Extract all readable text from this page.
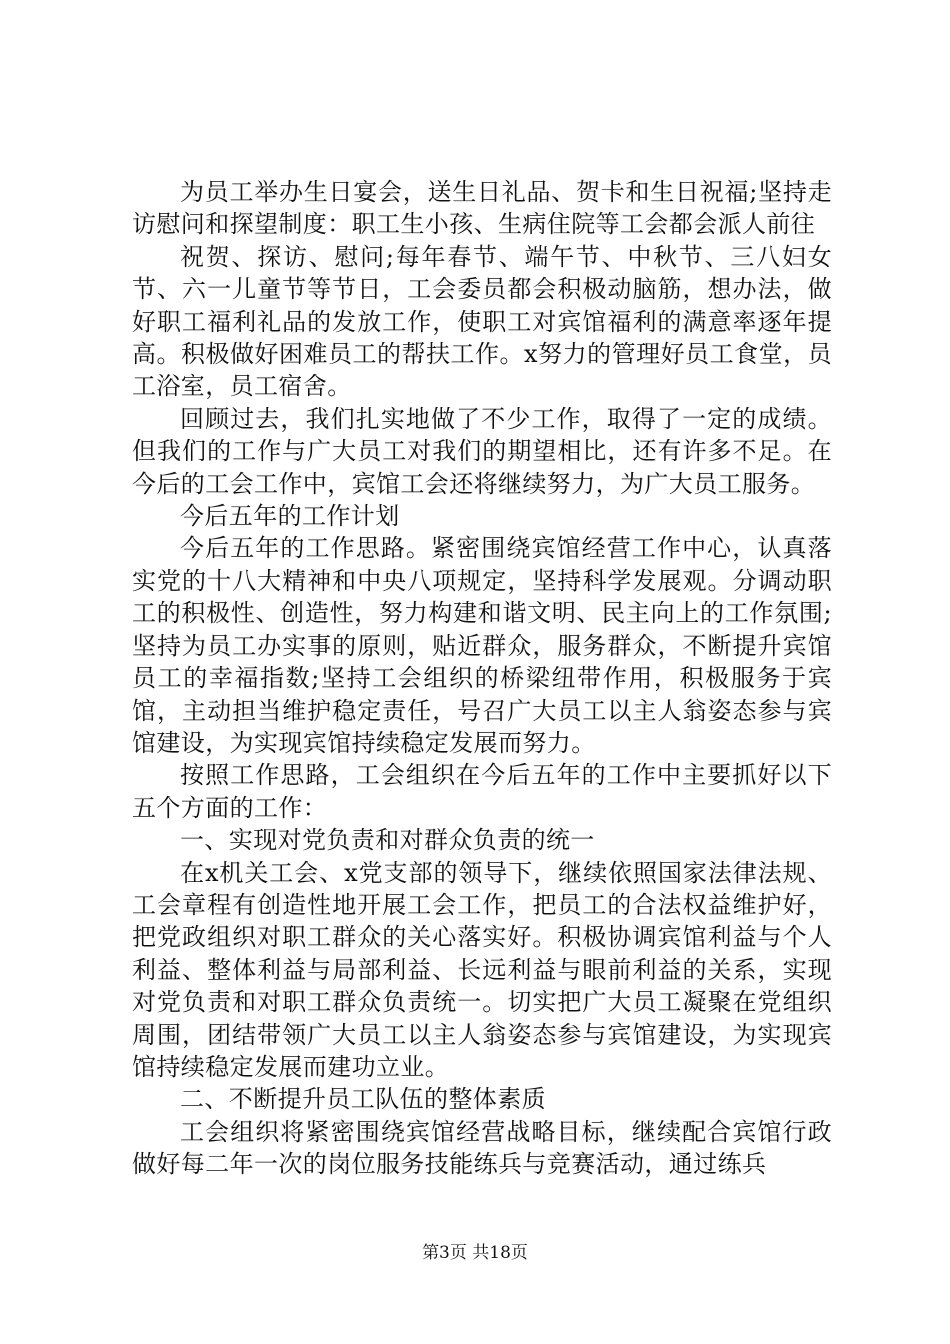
为员工举办生日宴会，送生日礼品、贺卡和生日祝福;坚持走访慰问和探望制度：职工生小孩、生病住院等工会都会派人前往

祝贺、探访、慰问;每年春节、端午节、中秋节、三八妇女节、六一儿童节等节日，工会委员都会积极动脑筋，想办法，做好职工福利礼品的发放工作，使职工对宾馆福利的满意率逐年提高。积极做好困难员工的帮扶工作。x努力的管理好员工食堂，员工浴室，员工宿舍。

回顾过去，我们扎实地做了不少工作，取得了一定的成绩。但我们的工作与广大员工对我们的期望相比，还有许多不足。在今后的工会工作中，宾馆工会还将继续努力，为广大员工服务。

今后五年的工作计划

今后五年的工作思路。紧密围绕宾馆经营工作中心，认真落实党的十八大精神和中央八项规定，坚持科学发展观。分调动职工的积极性、创造性，努力构建和谐文明、民主向上的工作氛围;坚持为员工办实事的原则，贴近群众，服务群众，不断提升宾馆员工的幸福指数;坚持工会组织的桥梁纽带作用，积极服务于宾馆，主动担当维护稳定责任，号召广大员工以主人翁姿态参与宾馆建设，为实现宾馆持续稳定发展而努力。

按照工作思路，工会组织在今后五年的工作中主要抓好以下五个方面的工作：

一、实现对党负责和对群众负责的统一

在x机关工会、x党支部的领导下，继续依照国家法律法规、工会章程有创造性地开展工会工作，把员工的合法权益维护好，把党政组织对职工群众的关心落实好。积极协调宾馆利益与个人利益、整体利益与局部利益、长远利益与眼前利益的关系，实现对党负责和对职工群众负责统一。切实把广大员工凝聚在党组织周围，团结带领广大员工以主人翁姿态参与宾馆建设，为实现宾馆持续稳定发展而建功立业。

二、不断提升员工队伍的整体素质

工会组织将紧密围绕宾馆经营战略目标，继续配合宾馆行政做好每二年一次的岗位服务技能练兵与竞赛活动，通过练兵

第3页 共18页
